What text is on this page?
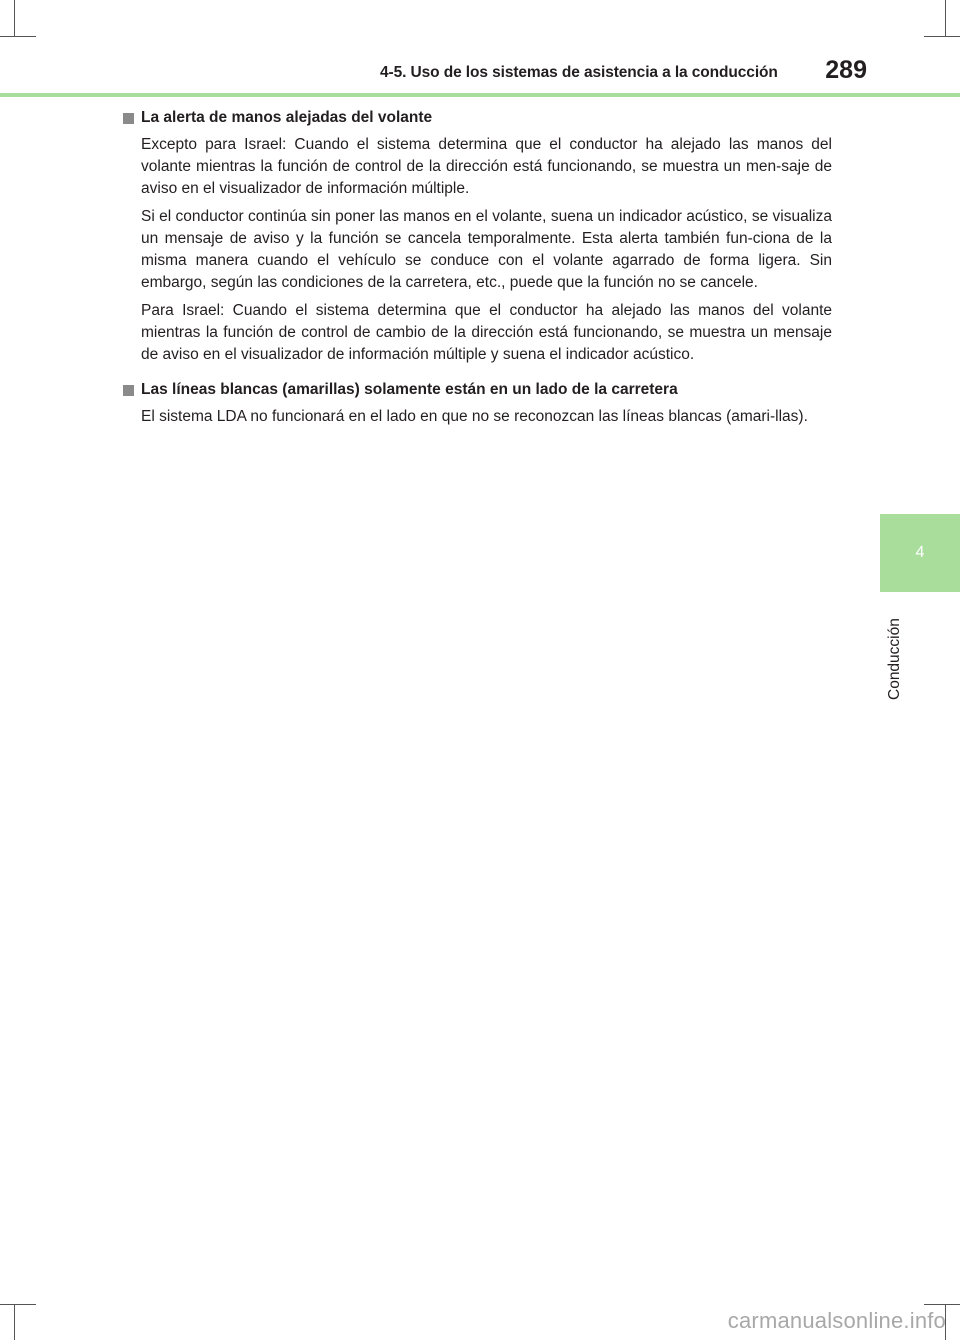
4-5. Uso de los sistemas de asistencia a la conducción 289
4
Conducción
La alerta de manos alejadas del volante

Excepto para Israel: Cuando el sistema determina que el conductor ha alejado las manos del volante mientras la función de control de la dirección está funcionando, se muestra un men-saje de aviso en el visualizador de información múltiple.

Si el conductor continúa sin poner las manos en el volante, suena un indicador acústico, se visualiza un mensaje de aviso y la función se cancela temporalmente. Esta alerta también fun-ciona de la misma manera cuando el vehículo se conduce con el volante agarrado de forma ligera. Sin embargo, según las condiciones de la carretera, etc., puede que la función no se cancele.

Para Israel: Cuando el sistema determina que el conductor ha alejado las manos del volante mientras la función de control de cambio de la dirección está funcionando, se muestra un mensaje de aviso en el visualizador de información múltiple y suena el indicador acústico.

Las líneas blancas (amarillas) solamente están en un lado de la carretera

El sistema LDA no funcionará en el lado en que no se reconozcan las líneas blancas (amari-llas).

carmanualsonline.info
